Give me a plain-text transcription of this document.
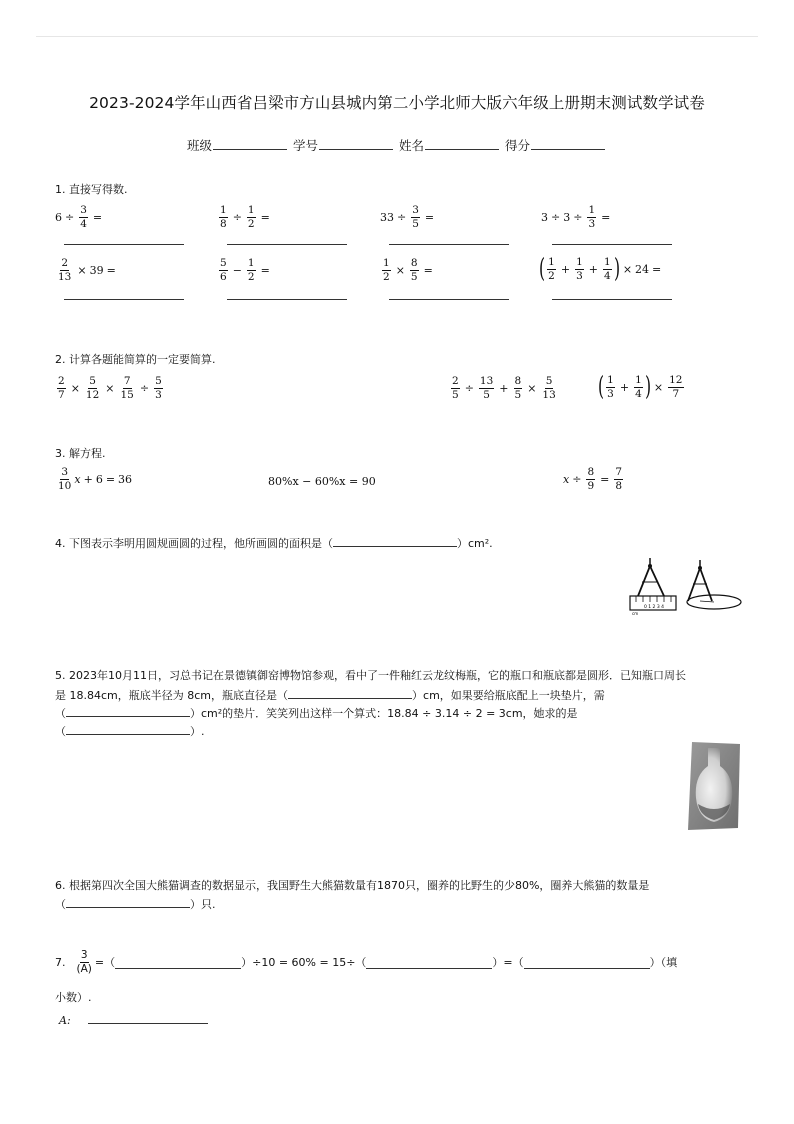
2023-2024学年山西省吕梁市方山县城内第二小学北师大版六年级上册期末测试数学试卷
班级	学号	姓名	得分
1. 直接写得数.
$6 \div \frac{3}{4}$ =	$\frac{1}{8} \div \frac{1}{2}$ =	$33 \div \frac{3}{5}$ =	$3 \div 3 \div \frac{1}{3}$ =
$\frac{2}{13} \times 39$ =	$\frac{5}{6} - \frac{1}{2}$ =	$\frac{1}{2} \times \frac{8}{5}$ =	( $\frac{1}{2} + \frac{1}{3} + \frac{1}{4}$ ) × 24 =
2. 计算各题能简算的一定要简算.
$\frac{2}{7} \times \frac{5}{12} \times \frac{7}{15} \div \frac{5}{3}$	$\frac{2}{5} \div \frac{13}{5} + \frac{8}{5} \times \frac{5}{13}$ ( $\frac{1}{3} + \frac{1}{4}$ ) × $\frac{12}{7}$
3. 解方程.
$\frac{3}{10}$ x + 6 = 36	80%x − 60%x = 90	$x \div \frac{8}{9} = \frac{7}{8}$
4. 下图表示李明用圆规画圆的过程，他所画圆的面积是（	）cm².
0 1 2 3 4
cm
5. 2023年10月11日，习总书记在景德镇御窑博物馆参观，看中了一件釉红云龙纹梅瓶，它的瓶口和瓶底都是圆形．已知瓶口周长
是 18.84cm，瓶底半径为 8cm，瓶底直径是（	）cm，如果要给瓶底配上一块垫片，需
（	）cm²的垫片．笑笑列出这样一个算式：18.84 ÷ 3.14 ÷ 2 = 3cm，她求的是
（	）.
6. 根据第四次全国大熊猫调查的数据显示，我国野生大熊猫数量有1870只，圈养的比野生的少80%，圈养大熊猫的数量是
（	）只.
7. $\frac{3}{(A)}$ =（	）÷10 = 60% = 15÷（	）=（	）（填
小数）.
A:
